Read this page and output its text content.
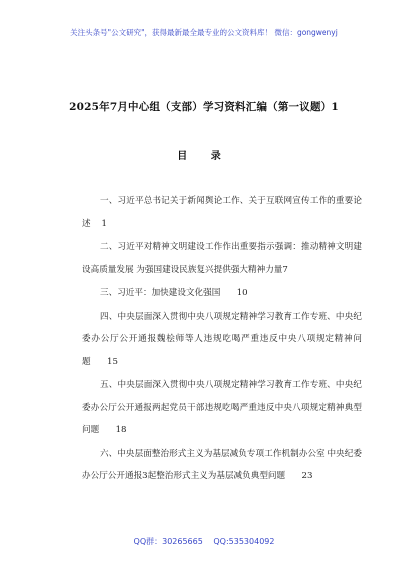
关注头条号"公文研究"，获得最新最全最专业的公文资料库！ 微信：gongwenyj
2025年7月中心组（支部）学习资料汇编（第一议题）1
目 录
一、习近平总书记关于新闻舆论工作、关于互联网宣传工作的重要论述 1
二、习近平对精神文明建设工作作出重要指示强调：推动精神文明建设高质量发展 为强国建设民族复兴提供强大精神力量7
三、习近平：加快建设文化强国 10
四、中央层面深入贯彻中央八项规定精神学习教育工作专班、中央纪委办公厅公开通报魏桧师等人违规吃喝严重违反中央八项规定精神问题 15
五、中央层面深入贯彻中央八项规定精神学习教育工作专班、中央纪委办公厅公开通报两起党员干部违规吃喝严重违反中央八项规定精神典型问题 18
六、中央层面整治形式主义为基层减负专项工作机制办公室 中央纪委办公厅公开通报3起整治形式主义为基层减负典型问题 23
QQ群：30265665 QQ:535304092
